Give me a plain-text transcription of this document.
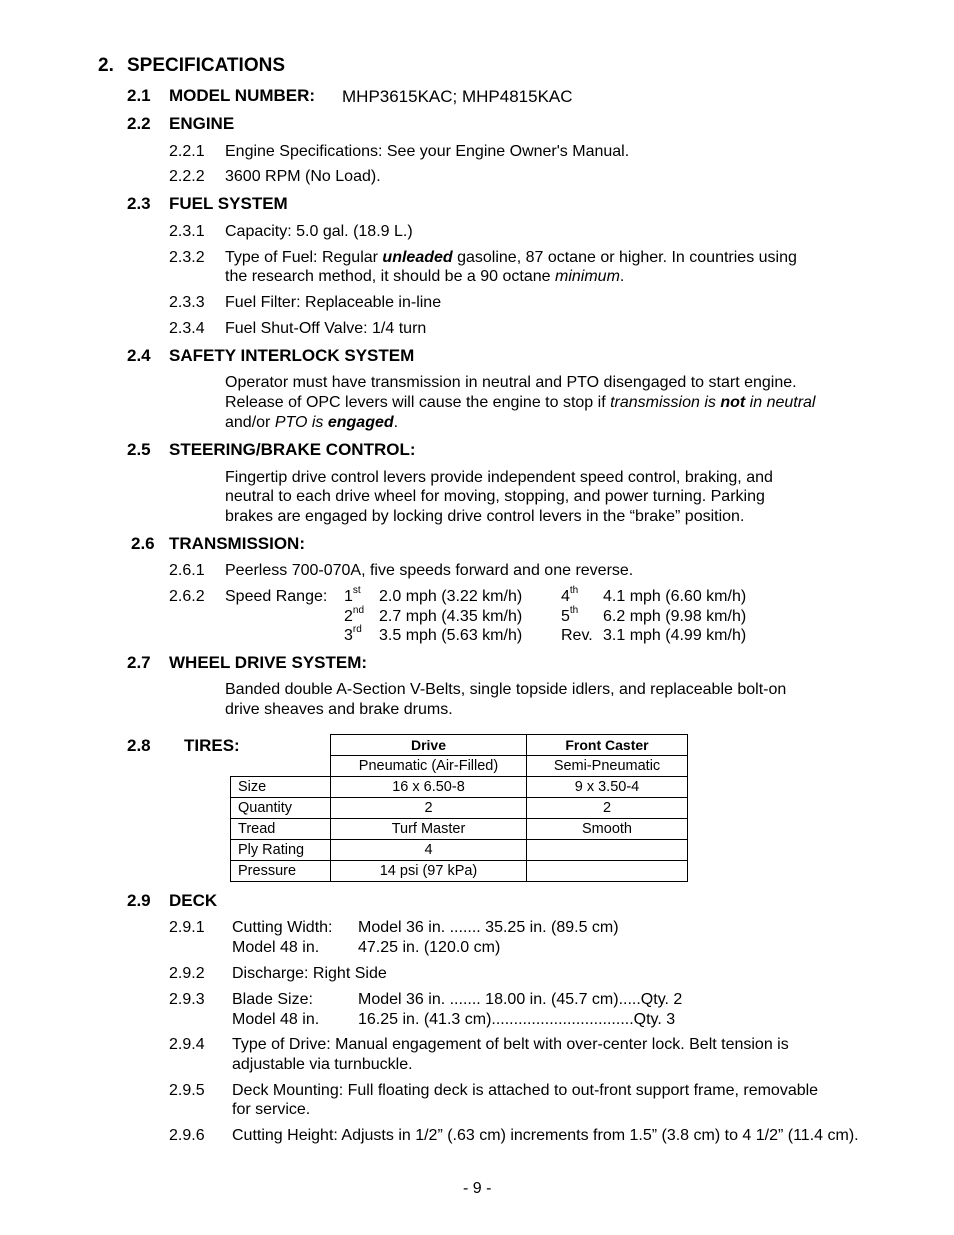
2. SPECIFICATIONS
2.1 MODEL NUMBER: MHP3615KAC; MHP4815KAC
2.2 ENGINE
2.2.1 Engine Specifications: See your Engine Owner's Manual.
2.2.2 3600 RPM (No Load).
2.3 FUEL SYSTEM
2.3.1 Capacity: 5.0 gal. (18.9 L.)
2.3.2 Type of Fuel: Regular unleaded gasoline, 87 octane or higher. In countries using
the research method, it should be a 90 octane minimum.
2.3.3 Fuel Filter: Replaceable in-line
2.3.4 Fuel Shut-Off Valve: 1/4 turn
2.4 SAFETY INTERLOCK SYSTEM
Operator must have transmission in neutral and PTO disengaged to start engine.
Release of OPC levers will cause the engine to stop if transmission is not in neutral
and/or PTO is engaged.
2.5 STEERING/BRAKE CONTROL:
Fingertip drive control levers provide independent speed control, braking, and
neutral to each drive wheel for moving, stopping, and power turning. Parking
brakes are engaged by locking drive control levers in the “brake” position.
2.6 TRANSMISSION:
2.6.1 Peerless 700-070A, five speeds forward and one reverse.
2.6.2 Speed Range: 1st 2.0 mph (3.22 km/h)
2nd 2.7 mph (4.35 km/h)
3rd 3.5 mph (5.63 km/h)
4th 4.1 mph (6.60 km/h)
5th 6.2 mph (9.98 km/h)
Rev. 3.1 mph (4.99 km/h)
2.7 WHEEL DRIVE SYSTEM:
Banded double A-Section V-Belts, single topside idlers, and replaceable bolt-on
drive sheaves and brake drums.
2.8 TIRES:
		Drive	Front Caster
	Pneumatic (Air-Filled)	Semi-Pneumatic
Size	16 x 6.50-8	9 x 3.50-4
Quantity	2	2
Tread	Turf Master	Smooth
Ply Rating	4	
Pressure	14 psi (97 kPa)	
2.9 DECK
2.9.1 Cutting Width: Model 36 in. ....... 35.25 in. (89.5 cm)
Model 48 in. 47.25 in. (120.0 cm)
2.9.2 Discharge: Right Side
2.9.3 Blade Size:	Model 36 in. ....... 18.00 in. (45.7 cm).....Qty. 2
Model 48 in. 16.25 in. (41.3 cm)................................Qty. 3
2.9.4 Type of Drive: Manual engagement of belt with over-center lock. Belt tension is
adjustable via turnbuckle.
2.9.5 Deck Mounting: Full floating deck is attached to out-front support frame, removable
for service.
2.9.6 Cutting Height: Adjusts in 1/2” (.63 cm) increments from 1.5” (3.8 cm) to 4 1/2” (11.4 cm).
- 9 -
